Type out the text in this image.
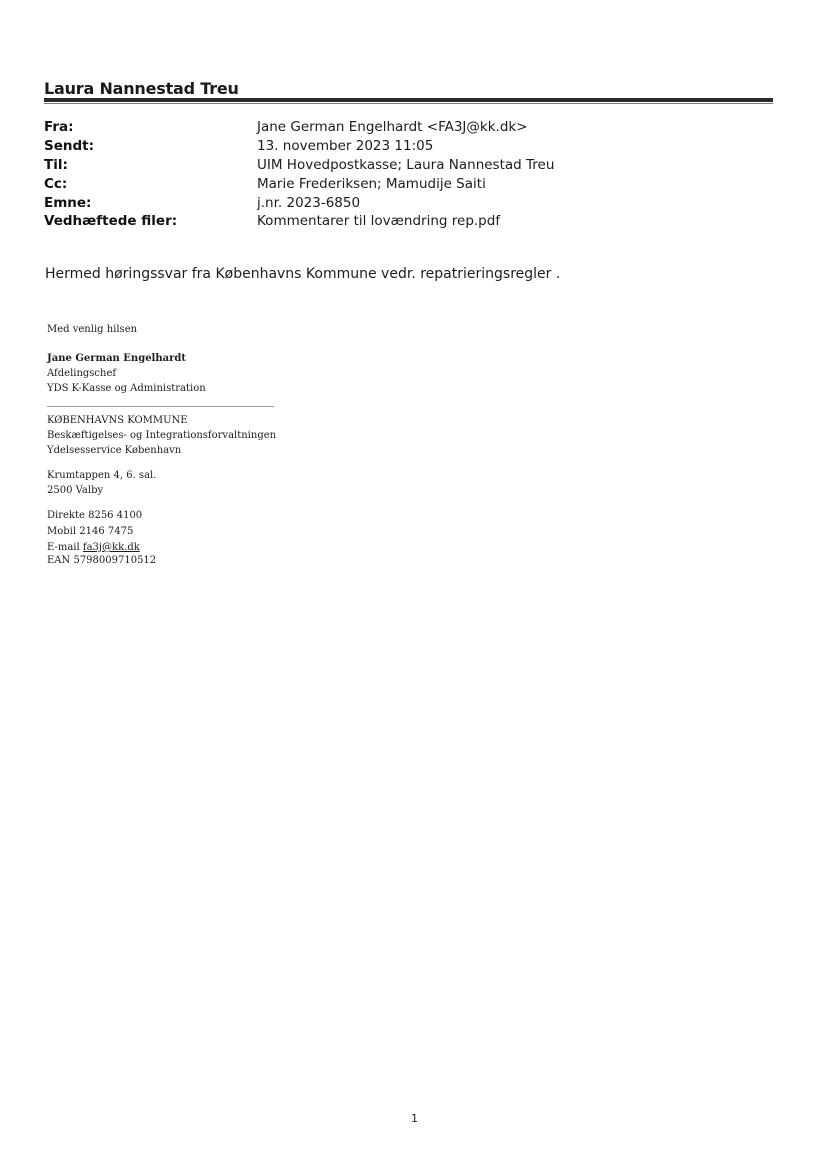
Laura Nannestad Treu
Fra:	Jane German Engelhardt <FA3J@kk.dk>
Sendt:	13. november 2023 11:05
Til:	UIM Hovedpostkasse; Laura Nannestad Treu
Cc:	Marie Frederiksen; Mamudije Saiti
Emne:	j.nr. 2023-6850
Vedhæftede filer:	Kommentarer til lovændring rep.pdf
Hermed høringssvar fra Københavns Kommune vedr. repatrieringsregler .
Med venlig hilsen
Jane German Engelhardt
Afdelingschef
YDS K-Kasse og Administration
KØBENHAVNS KOMMUNE
Beskæftigelses- og Integrationsforvaltningen
Ydelsesservice København
Krumtappen 4, 6. sal.
2500 Valby
Direkte 8256 4100
Mobil 2146 7475
E-mail fa3j@kk.dk
EAN 5798009710512
1
